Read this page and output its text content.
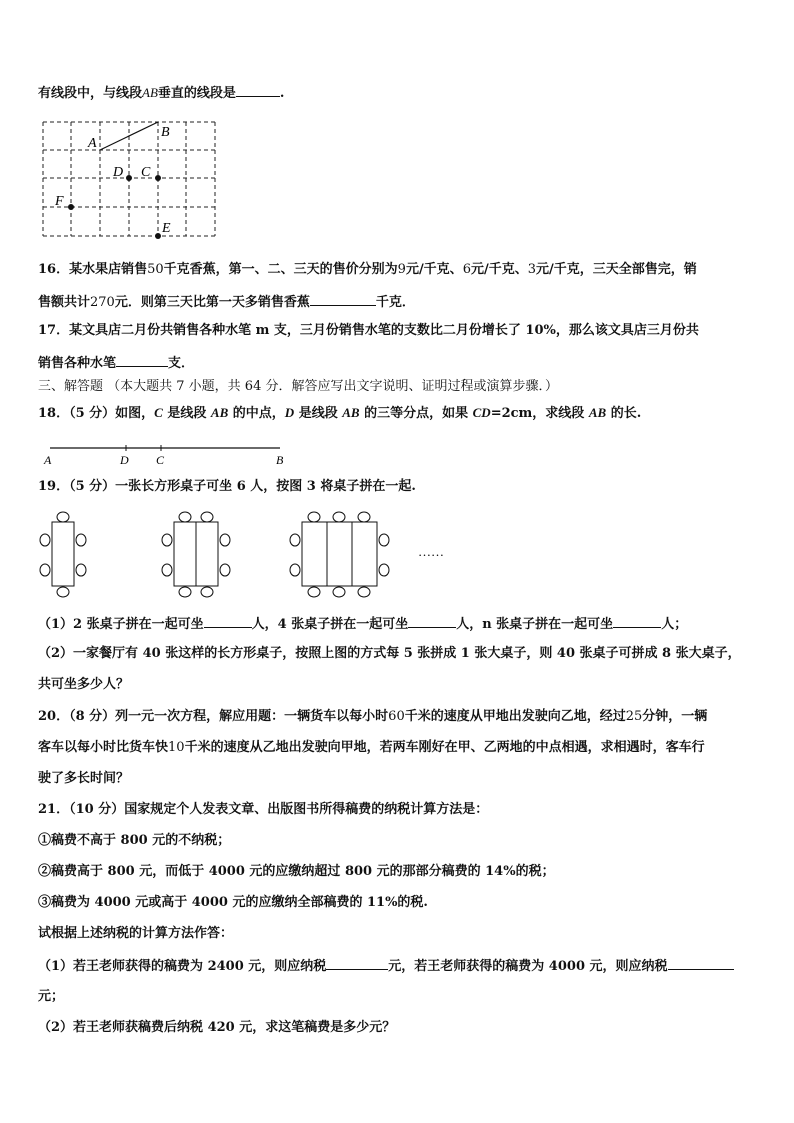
有线段中，与线段AB垂直的线段是	.
A
B
D C
F
E
16．某水果店销售50千克香蕉，第一、二、三天的售价分别为9元/千克、6元/千克、3元/千克，三天全部售完，销
售额共计270元．则第三天比第一天多销售香蕉	千克．
17．某文具店二月份共销售各种水笔 m 支，三月份销售水笔的支数比二月份增长了 10%，那么该文具店三月份共
销售各种水笔	支．
三、解答题 （本大题共 7 小题，共 64 分．解答应写出文字说明、证明过程或演算步骤．）
18．（5 分）如图，C 是线段 AB 的中点，D 是线段 AB 的三等分点，如果 CD=2cm，求线段 AB 的长.
A	D C	B
19．（5 分）一张长方形桌子可坐 6 人，按图 3 将桌子拼在一起.
……
（1）2 张桌子拼在一起可坐	人，4 张桌子拼在一起可坐	人，n 张桌子拼在一起可坐	人；
（2）一家餐厅有 40 张这样的长方形桌子，按照上图的方式每 5 张拼成 1 张大桌子，则 40 张桌子可拼成 8 张大桌子，
共可坐多少人？
20．（8 分）列一元一次方程，解应用题：一辆货车以每小时60千米的速度从甲地出发驶向乙地，经过25分钟，一辆
客车以每小时比货车快10千米的速度从乙地出发驶向甲地，若两车刚好在甲、乙两地的中点相遇，求相遇时，客车行
驶了多长时间？
21．（10 分）国家规定个人发表文章、出版图书所得稿费的纳税计算方法是：
①稿费不高于 800 元的不纳税；
②稿费高于 800 元，而低于 4000 元的应缴纳超过 800 元的那部分稿费的 14%的税；
③稿费为 4000 元或高于 4000 元的应缴纳全部稿费的 11%的税.
试根据上述纳税的计算方法作答：
（1）若王老师获得的稿费为 2400 元，则应纳税	元，若王老师获得的稿费为 4000 元，则应纳税
元；
（2）若王老师获稿费后纳税 420 元，求这笔稿费是多少元？
